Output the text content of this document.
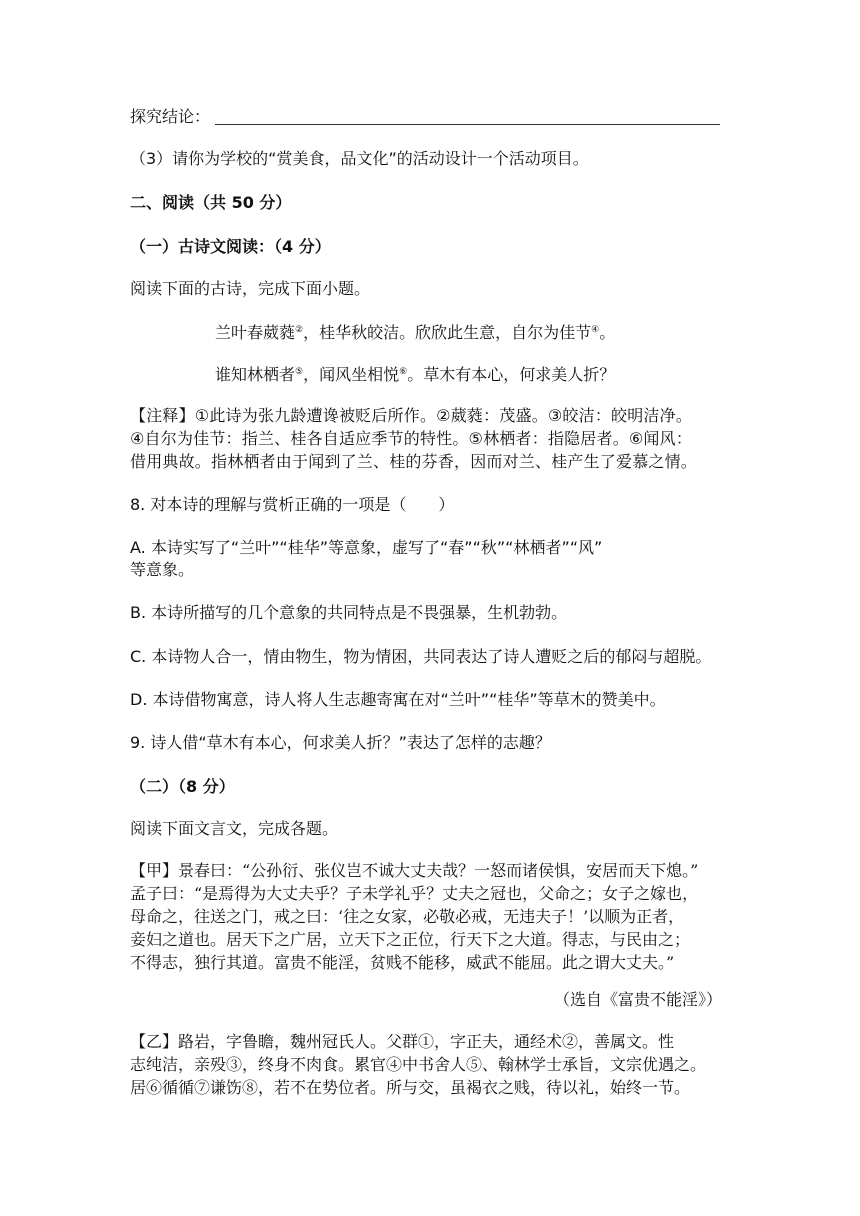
探究结论：
（3）请你为学校的“赏美食，品文化”的活动设计一个活动项目。
二、阅读（共 50 分）
（一）古诗文阅读：（4 分）
阅读下面的古诗，完成下面小题。
兰叶春葳蕤②，桂华秋皎洁。欣欣此生意，自尔为佳节④。
谁知林栖者⑤，闻风坐相悦⑥。草木有本心，何求美人折？
【注释】①此诗为张九龄遭谗被贬后所作。②葳蕤：茂盛。③皎洁：皎明洁净。
④自尔为佳节：指兰、桂各自适应季节的特性。⑤林栖者：指隐居者。⑥闻风：
借用典故。指林栖者由于闻到了兰、桂的芬香，因而对兰、桂产生了爱慕之情。
8. 对本诗的理解与赏析正确的一项是（　　）
A. 本诗实写了“兰叶”“桂华”等意象，虚写了“春”“秋”“林栖者”“风”
等意象。
B. 本诗所描写的几个意象的共同特点是不畏强暴，生机勃勃。
C. 本诗物人合一，情由物生，物为情困，共同表达了诗人遭贬之后的郁闷与超脱。
D. 本诗借物寓意，诗人将人生志趣寄寓在对“兰叶”“桂华”等草木的赞美中。
9. 诗人借“草木有本心，何求美人折？”表达了怎样的志趣？
（二）（8 分）
阅读下面文言文，完成各题。
【甲】景春曰：“公孙衍、张仪岂不诚大丈夫哉？一怒而诸侯惧，安居而天下熄。”
孟子曰：“是焉得为大丈夫乎？子未学礼乎？丈夫之冠也，父命之；女子之嫁也，
母命之，往送之门，戒之曰：‘往之女家，必敬必戒，无违夫子！’以顺为正者，
妾妇之道也。居天下之广居，立天下之正位，行天下之大道。得志，与民由之；
不得志，独行其道。富贵不能淫，贫贱不能移，威武不能屈。此之谓大丈夫。”
（选自《富贵不能淫》）
【乙】路岩，字鲁瞻，魏州冠氏人。父群①，字正夫，通经术②，善属文。性
志纯洁，亲殁③，终身不肉食。累官④中书舍人⑤、翰林学士承旨，文宗优遇之。
居⑥循循⑦谦饬⑧，若不在势位者。所与交，虽褐衣之贱，待以礼，始终一节。
